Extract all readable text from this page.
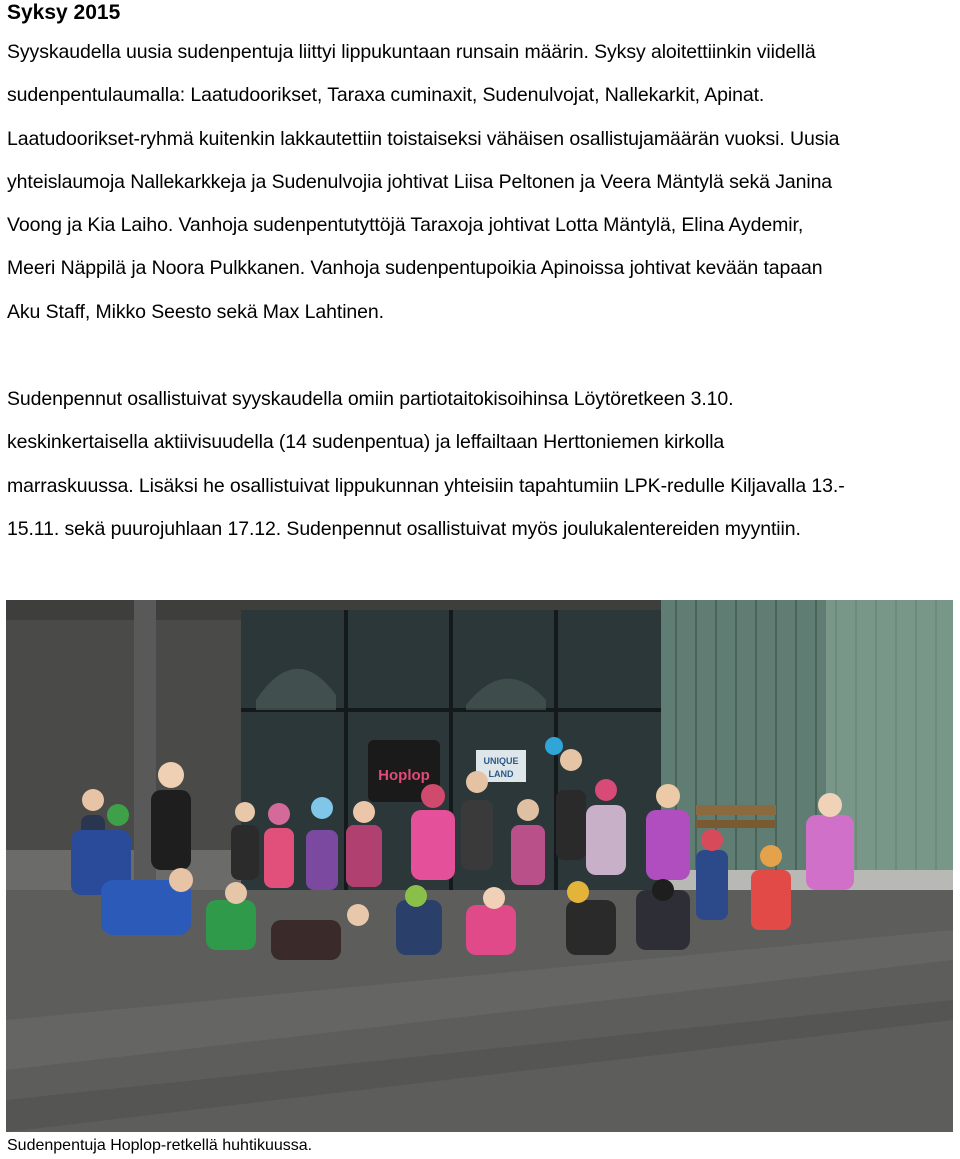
Syksy 2015

Syyskaudella uusia sudenpentuja liittyi lippukuntaan runsain määrin. Syksy aloitettiinkin viidellä
sudenpentulaumalla: Laatudoorikset, Taraxa cuminaxit, Sudenulvojat, Nallekarkit, Apinat.
Laatudoorikset-ryhmä kuitenkin lakkautettiin toistaiseksi vähäisen osallistujamäärän vuoksi. Uusia
yhteislaumoja Nallekarkkeja ja Sudenulvojia johtivat Liisa Peltonen ja Veera Mäntylä sekä Janina
Voong ja Kia Laiho. Vanhoja sudenpentutyttöjä Taraxoja johtivat Lotta Mäntylä, Elina Aydemir,
Meeri Näppilä ja Noora Pulkkanen. Vanhoja sudenpentupoikia Apinoissa johtivat kevään tapaan
Aku Staff, Mikko Seesto sekä Max Lahtinen.

Sudenpennut osallistuivat syyskaudella omiin partiotaitokisoihinsa Löytöretkeen 3.10.
keskinkertaisella aktiivisuudella (14 sudenpentua) ja leffailtaan Herttoniemen kirkolla
marraskuussa. Lisäksi he osallistuivat lippukunnan yhteisiin tapahtumiin LPK-redulle Kiljavalla 13.-
15.11. sekä puurojuhlaan 17.12. Sudenpennut osallistuivat myös joulukalentereiden myyntiin.

Hoplop
UNIQUE
LAND

Sudenpentuja Hoplop-retkellä huhtikuussa.
